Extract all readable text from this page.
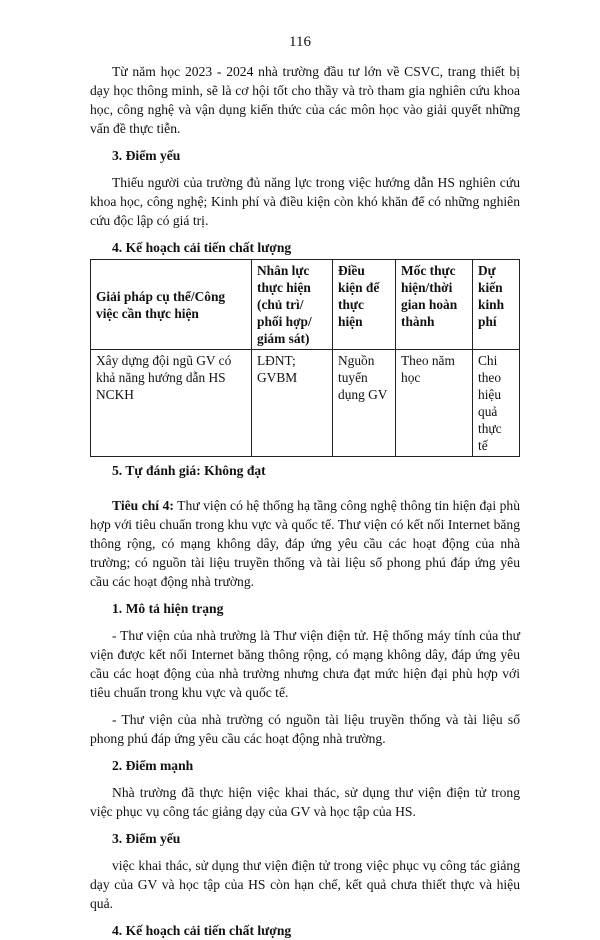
116

Từ năm học 2023 - 2024 nhà trường đầu tư lớn về CSVC, trang thiết bị dạy học thông minh, sẽ là cơ hội tốt cho thầy và trò tham gia nghiên cứu khoa học, công nghệ và vận dụng kiến thức của các môn học vào giải quyết những vấn đề thực tiễn.

3. Điểm yếu

Thiếu người của trường đủ năng lực trong việc hướng dẫn HS nghiên cứu khoa học, công nghệ; Kinh phí và điều kiện còn khó khăn để có những nghiên cứu độc lập có giá trị.

4. Kế hoạch cải tiến chất lượng

Giải pháp cụ thể/Công việc cần thực hiện	Nhân lực thực hiện (chủ trì/ phối hợp/ giám sát)	Điều kiện để thực hiện	Mốc thực hiện/thời gian hoàn thành	Dự kiến kinh phí
Xây dựng đội ngũ GV có khả năng hướng dẫn HS NCKH	LĐNT; GVBM	Nguồn tuyển dụng GV	Theo năm học	Chi theo hiệu quả thực tế

5. Tự đánh giá: Không đạt

Tiêu chí 4: Thư viện có hệ thống hạ tầng công nghệ thông tin hiện đại phù hợp với tiêu chuẩn trong khu vực và quốc tế. Thư viện có kết nối Internet băng thông rộng, có mạng không dây, đáp ứng yêu cầu các hoạt động của nhà trường; có nguồn tài liệu truyền thống và tài liệu số phong phú đáp ứng yêu cầu các hoạt động nhà trường.

1. Mô tả hiện trạng

- Thư viện của nhà trường là Thư viện điện tử. Hệ thống máy tính của thư viện được kết nối Internet băng thông rộng, có mạng không dây, đáp ứng yêu cầu các hoạt động của nhà trường nhưng chưa đạt mức hiện đại phù hợp với tiêu chuẩn trong khu vực và quốc tế.

- Thư viện của nhà trường có nguồn tài liệu truyền thống và tài liệu số phong phú đáp ứng yêu cầu các hoạt động nhà trường.

2. Điểm mạnh

Nhà trường đã thực hiện việc khai thác, sử dụng thư viện điện tử trong việc phục vụ công tác giảng dạy của GV và học tập của HS.

3. Điểm yếu

việc khai thác, sử dụng thư viện điện tử trong việc phục vụ công tác giảng dạy của GV và học tập của HS còn hạn chế, kết quả chưa thiết thực và hiệu quả.

4. Kế hoạch cải tiến chất lượng
